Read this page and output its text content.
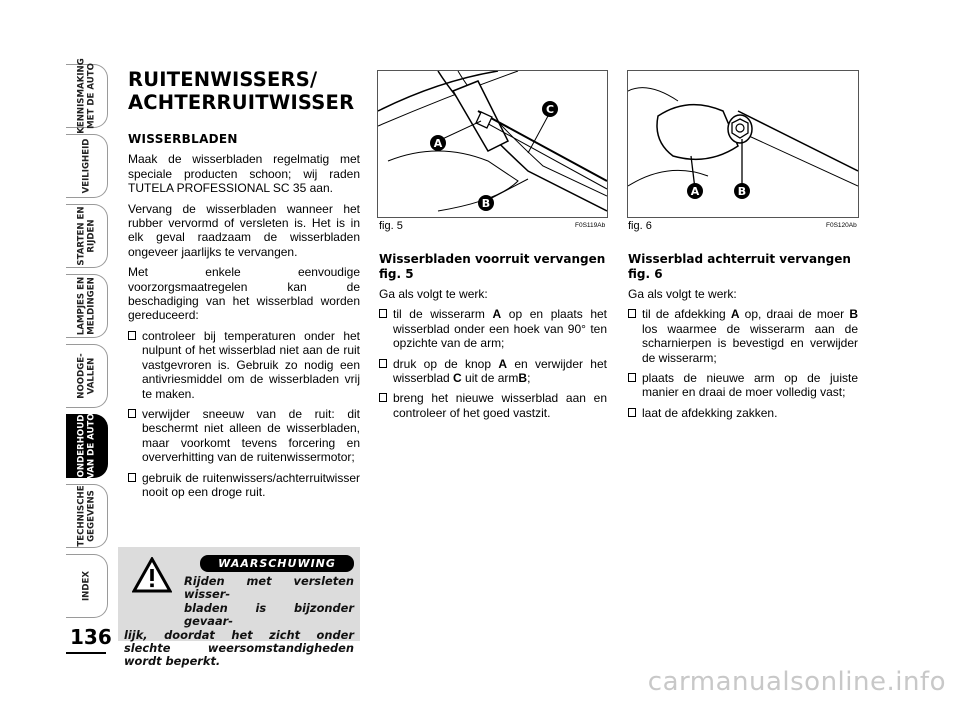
KENNISMAKING
MET DE AUTO
VEILIGHEID
STARTEN EN
RIJDEN
LAMPJES EN
MELDINGEN
NOODGE-
VALLEN
ONDERHOUD
VAN DE AUTO
TECHNISCHE
GEGEVENS
INDEX
136
RUITENWISSERS/
ACHTERRUITWISSER
WISSERBLADEN

Maak de wisserbladen regelmatig met speciale producten schoon; wij raden TUTELA PROFESSIONAL SC 35 aan.

Vervang de wisserbladen wanneer het rubber vervormd of versleten is. Het is in elk geval raadzaam de wisserbladen ongeveer jaarlijks te vervangen.

Met enkele eenvoudige voorzorgsmaatregelen kan de beschadiging van het wisserblad worden gereduceerd:

controleer bij temperaturen onder het nulpunt of het wisserblad niet aan de ruit vastgevroren is. Gebruik zo nodig een antivriesmiddel om de wisserbladen vrij te maken.
verwijder sneeuw van de ruit: dit beschermt niet alleen de wisserbladen, maar voorkomt tevens forcering en oververhitting van de ruitenwissermotor;
gebruik de ruitenwissers/achterruitwisser nooit op een droge ruit.
WAARSCHUWING
Rijden met versleten wisser-
bladen is bijzonder gevaar-
lijk, doordat het zicht onder slechte weersomstandigheden wordt beperkt.
A
B
C
fig. 5	F0S119Ab
A	B
fig. 6	F0S120Ab
Wisserbladen voorruit vervangen fig. 5

Ga als volgt te werk:

til de wisserarm A op en plaats het wisserblad onder een hoek van 90° ten opzichte van de arm;
druk op de knop A en verwijder het wisserblad C uit de armB;
breng het nieuwe wisserblad aan en controleer of het goed vastzit.
Wisserblad achterruit vervangen fig. 6

Ga als volgt te werk:

til de afdekking A op, draai de moer B los waarmee de wisserarm aan de scharnierpen is bevestigd en verwijder de wisserarm;
plaats de nieuwe arm op de juiste manier en draai de moer volledig vast;
laat de afdekking zakken.
carmanualsonline.info
